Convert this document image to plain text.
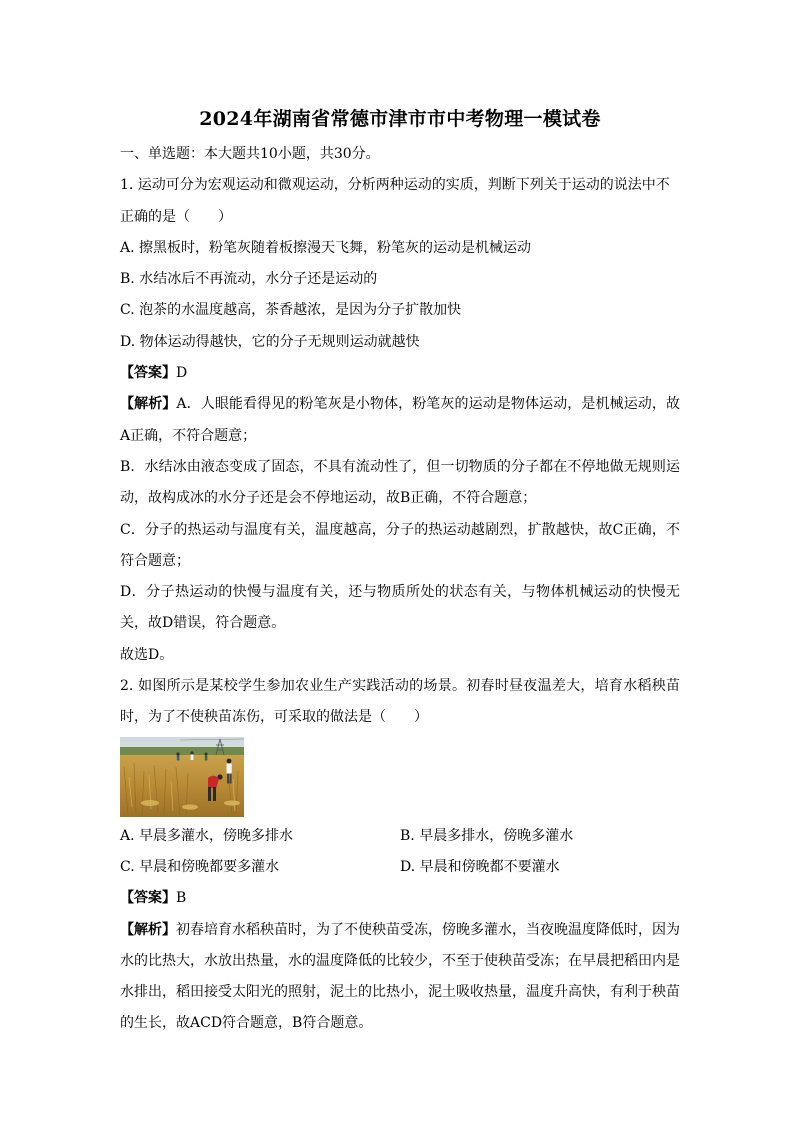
2024年湖南省常德市津市市中考物理一模试卷
一、单选题：本大题共10小题，共30分。
1. 运动可分为宏观运动和微观运动，分析两种运动的实质，判断下列关于运动的说法中不
正确的是（　　）
A. 擦黑板时，粉笔灰随着板擦漫天飞舞，粉笔灰的运动是机械运动
B. 水结冰后不再流动，水分子还是运动的
C. 泡茶的水温度越高，茶香越浓，是因为分子扩散加快
D. 物体运动得越快，它的分子无规则运动就越快
【答案】D
【解析】A．人眼能看得见的粉笔灰是小物体，粉笔灰的运动是物体运动，是机械运动，故A正确，不符合题意；
B．水结冰由液态变成了固态，不具有流动性了，但一切物质的分子都在不停地做无规则运动，故构成冰的水分子还是会不停地运动，故B正确，不符合题意；
C．分子的热运动与温度有关，温度越高，分子的热运动越剧烈，扩散越快，故C正确，不符合题意；
D．分子热运动的快慢与温度有关，还与物质所处的状态有关，与物体机械运动的快慢无关，故D错误，符合题意。
故选D。
2. 如图所示是某校学生参加农业生产实践活动的场景。初春时昼夜温差大，培育水稻秧苗时，为了不使秧苗冻伤，可采取的做法是（　　）
A. 早晨多灌水，傍晚多排水	B. 早晨多排水，傍晚多灌水
C. 早晨和傍晚都要多灌水	D. 早晨和傍晚都不要灌水
【答案】B
【解析】初春培育水稻秧苗时，为了不使秧苗受冻，傍晚多灌水，当夜晚温度降低时，因为水的比热大，水放出热量，水的温度降低的比较少，不至于使秧苗受冻；在早晨把稻田内是水排出，稻田接受太阳光的照射，泥土的比热小，泥土吸收热量，温度升高快，有利于秧苗的生长，故ACD符合题意，B符合题意。
